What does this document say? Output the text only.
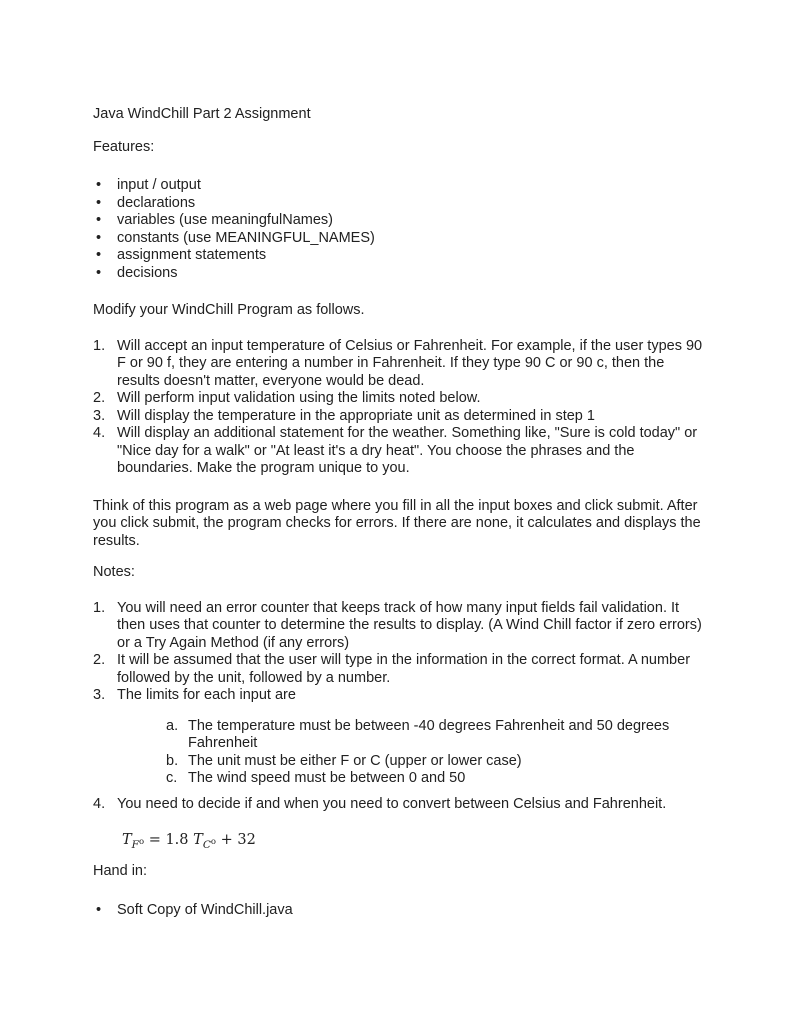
Java WindChill Part 2 Assignment
Features:
•	input / output
•	declarations
•	variables (use meaningfulNames)
•	constants (use MEANINGFUL_NAMES)
•	assignment statements
•	decisions
Modify your WindChill Program as follows.
1. Will accept an input temperature of Celsius or Fahrenheit. For example, if the user types 90 F or 90 f, they are entering a number in Fahrenheit. If they type 90 C or 90 c, then the results doesn't matter, everyone would be dead.
2. Will perform input validation using the limits noted below.
3. Will display the temperature in the appropriate unit as determined in step 1
4. Will display an additional statement for the weather. Something like, "Sure is cold today" or "Nice day for a walk" or "At least it's a dry heat". You choose the phrases and the boundaries. Make the program unique to you.
Think of this program as a web page where you fill in all the input boxes and click submit. After you click submit, the program checks for errors. If there are none, it calculates and displays the results.
Notes:
1. You will need an error counter that keeps track of how many input fields fail validation. It then uses that counter to determine the results to display. (A Wind Chill factor if zero errors) or a Try Again Method (if any errors)
2. It will be assumed that the user will type in the information in the correct format. A number followed by the unit, followed by a number.
3. The limits for each input are
a. The temperature must be between -40 degrees Fahrenheit and 50 degrees Fahrenheit
b. The unit must be either F or C (upper or lower case)
c. The wind speed must be between 0 and 50
4. You need to decide if and when you need to convert between Celsius and Fahrenheit.
$T_{F^o} = 1.8$ $T_{C^o} + 32$
Hand in:
•	Soft Copy of WindChill.java
